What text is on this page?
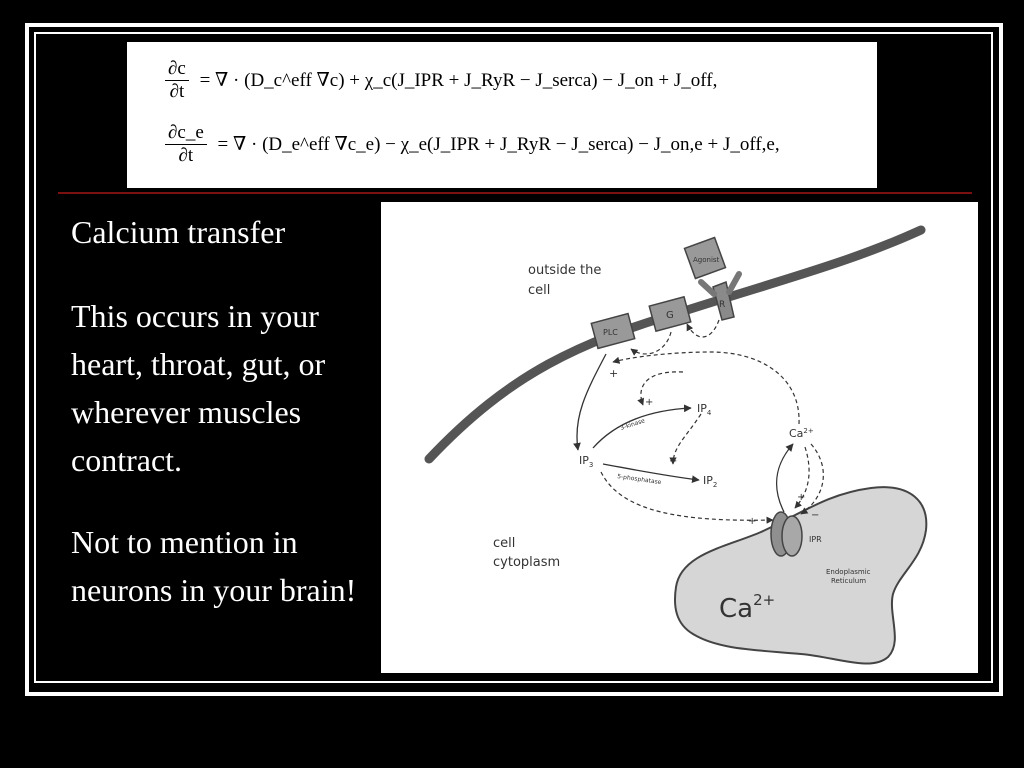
$\frac{\partial c}{\partial t}$ = ∇ · (D_c^eff ∇c) + χ_c(J_IPR + J_RyR − J_serca) − J_on + J_off,
$\frac{\partial c\_e}{\partial t}$ = ∇ · (D_e^eff ∇c_e) − χ_e(J_IPR + J_RyR − J_serca) − J_on,e + J_off,e,
Calcium transfer
This occurs in your heart, throat, gut, or wherever muscles contract.
Not to mention in neurons in your brain!
outside the
cell
cell
cytoplasm
Agonist
R
G
PLC
+
3-kinase
+	$IP_4$
5-phosphatase
−
$IP_2$
$IP_3$
+
IPR
$Ca^{2+}$
+
−
Endoplasmic
Reticulum
$Ca^{2+}$
